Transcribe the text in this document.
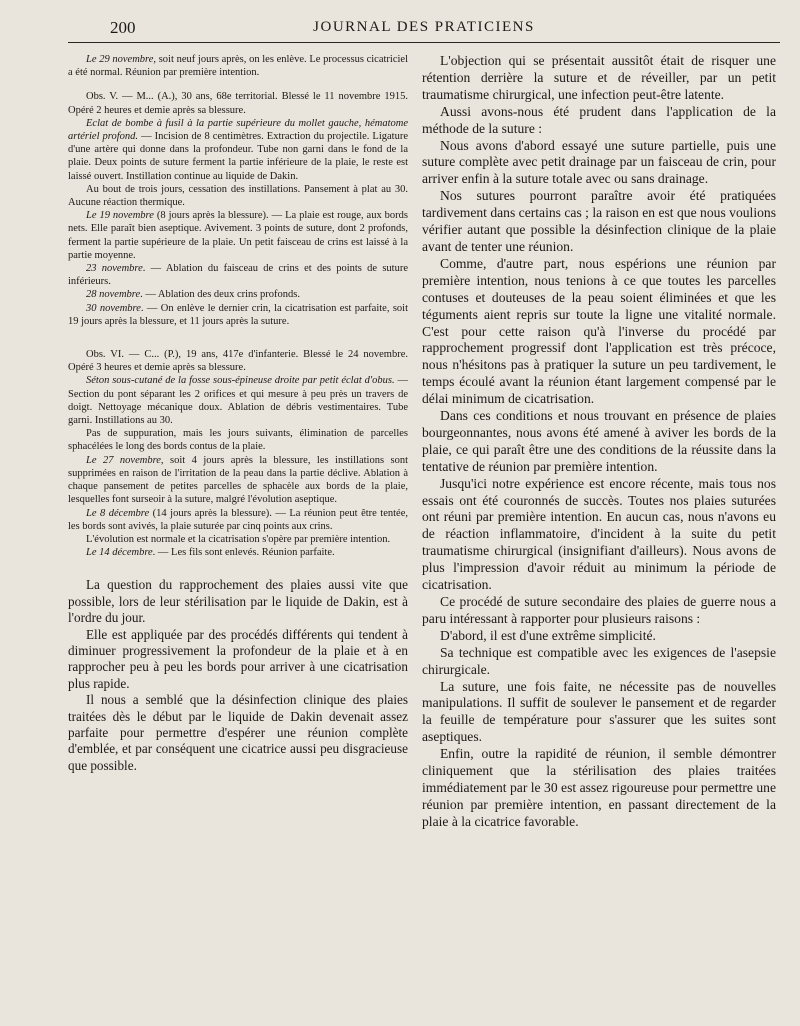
200	JOURNAL DES PRATICIENS

Le 29 novembre, soit neuf jours après, on les enlève. Le processus cicatriciel a été normal. Réunion par première intention.

Obs. V. — M... (A.), 30 ans, 68e territorial. Blessé le 11 novembre 1915. Opéré 2 heures et demie après sa blessure.

Eclat de bombe à fusil à la partie supérieure du mollet gauche, hématome artériel profond. — Incision de 8 centimètres. Extraction du projectile. Ligature d'une artère qui donne dans la profondeur. Tube non garni dans le fond de la plaie. Deux points de suture ferment la partie inférieure de la plaie, le reste est laissé ouvert. Instillation continue au liquide de Dakin.

Au bout de trois jours, cessation des instillations. Pansement à plat au 30. Aucune réaction thermique.

Le 19 novembre (8 jours après la blessure). — La plaie est rouge, aux bords nets. Elle paraît bien aseptique. Avivement. 3 points de suture, dont 2 profonds, ferment la partie supérieure de la plaie. Un petit faisceau de crins est laissé à la partie moyenne.

23 novembre. — Ablation du faisceau de crins et des points de suture inférieurs.

28 novembre. — Ablation des deux crins profonds.

30 novembre. — On enlève le dernier crin, la cicatrisation est parfaite, soit 19 jours après la blessure, et 11 jours après la suture.

Obs. VI. — C... (P.), 19 ans, 417e d'infanterie. Blessé le 24 novembre. Opéré 3 heures et demie après sa blessure.

Séton sous-cutané de la fosse sous-épineuse droite par petit éclat d'obus. — Section du pont séparant les 2 orifices et qui mesure à peu près un travers de doigt. Nettoyage mécanique doux. Ablation de débris vestimentaires. Tube garni. Instillations au 30.

Pas de suppuration, mais les jours suivants, élimination de parcelles sphacélées le long des bords contus de la plaie.

Le 27 novembre, soit 4 jours après la blessure, les instillations sont supprimées en raison de l'irritation de la peau dans la partie déclive. Ablation à chaque pansement de petites parcelles de sphacèle aux bords de la plaie, lesquelles font surseoir à la suture, malgré l'évolution aseptique.

Le 8 décembre (14 jours après la blessure). — La réunion peut être tentée, les bords sont avivés, la plaie suturée par cinq points aux crins.

L'évolution est normale et la cicatrisation s'opère par première intention.

Le 14 décembre. — Les fils sont enlevés. Réunion parfaite.

La question du rapprochement des plaies aussi vite que possible, lors de leur stérilisation par le liquide de Dakin, est à l'ordre du jour.

Elle est appliquée par des procédés différents qui tendent à diminuer progressivement la profondeur de la plaie et à en rapprocher peu à peu les bords pour arriver à une cicatrisation plus rapide.

Il nous a semblé que la désinfection clinique des plaies traitées dès le début par le liquide de Dakin devenait assez parfaite pour permettre d'espérer une réunion complète d'emblée, et par conséquent une cicatrice aussi peu disgracieuse que possible.

L'objection qui se présentait aussitôt était de risquer une rétention derrière la suture et de réveiller, par un petit traumatisme chirurgical, une infection peut-être latente.

Aussi avons-nous été prudent dans l'application de la méthode de la suture :

Nous avons d'abord essayé une suture partielle, puis une suture complète avec petit drainage par un faisceau de crin, pour arriver enfin à la suture totale avec ou sans drainage.

Nos sutures pourront paraître avoir été pratiquées tardivement dans certains cas ; la raison en est que nous voulions vérifier autant que possible la désinfection clinique de la plaie avant de tenter une réunion.

Comme, d'autre part, nous espérions une réunion par première intention, nous tenions à ce que toutes les parcelles contuses et douteuses de la peau soient éliminées et que les téguments aient repris sur toute la ligne une vitalité normale. C'est pour cette raison qu'à l'inverse du procédé par rapprochement progressif dont l'application est très précoce, nous n'hésitons pas à pratiquer la suture un peu tardivement, le temps écoulé avant la réunion étant largement compensé par le délai minimum de cicatrisation.

Dans ces conditions et nous trouvant en présence de plaies bourgeonnantes, nous avons été amené à aviver les bords de la plaie, ce qui paraît être une des conditions de la réussite dans la tentative de réunion par première intention.

Jusqu'ici notre expérience est encore récente, mais tous nos essais ont été couronnés de succès. Toutes nos plaies suturées ont réuni par première intention. En aucun cas, nous n'avons eu de réaction inflammatoire, d'incident à la suite du petit traumatisme chirurgical (insignifiant d'ailleurs). Nous avons de plus l'impression d'avoir réduit au minimum la période de cicatrisation.

Ce procédé de suture secondaire des plaies de guerre nous a paru intéressant à rapporter pour plusieurs raisons :

D'abord, il est d'une extrême simplicité.

Sa technique est compatible avec les exigences de l'asepsie chirurgicale.

La suture, une fois faite, ne nécessite pas de nouvelles manipulations. Il suffit de soulever le pansement et de regarder la feuille de température pour s'assurer que les suites sont aseptiques.

Enfin, outre la rapidité de réunion, il semble démontrer cliniquement que la stérilisation des plaies traitées immédiatement par le 30 est assez rigoureuse pour permettre une réunion par première intention, en passant directement de la plaie à la cicatrice favorable.
